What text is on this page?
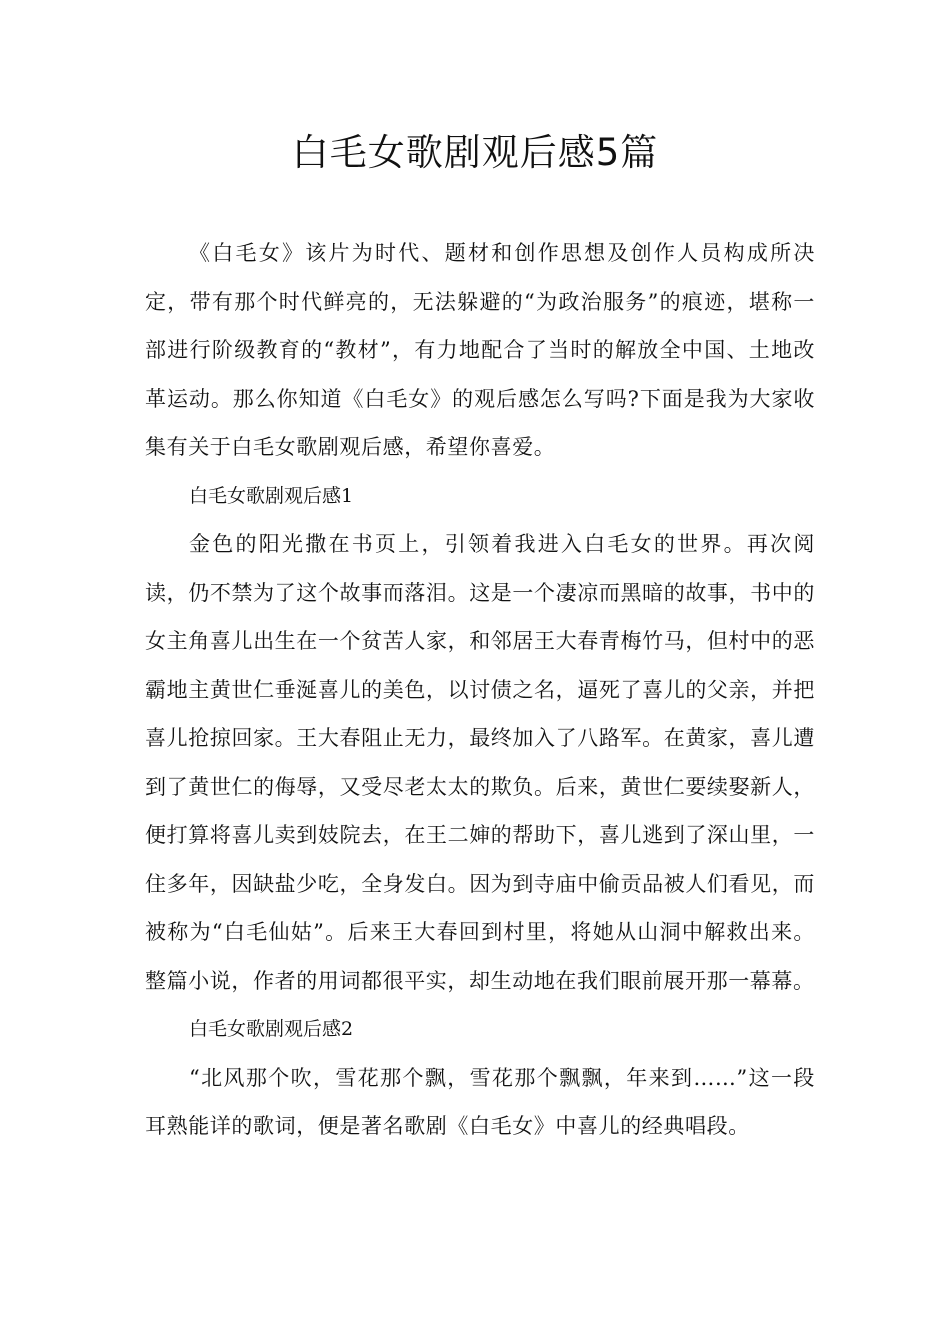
白毛女歌剧观后感5篇

《白毛女》该片为时代、题材和创作思想及创作人员构成所决定，带有那个时代鲜亮的，无法躲避的“为政治服务”的痕迹，堪称一部进行阶级教育的“教材”，有力地配合了当时的解放全中国、土地改革运动。那么你知道《白毛女》的观后感怎么写吗?下面是我为大家收集有关于白毛女歌剧观后感，希望你喜爱。

白毛女歌剧观后感1

金色的阳光撒在书页上，引领着我进入白毛女的世界。再次阅读，仍不禁为了这个故事而落泪。这是一个凄凉而黑暗的故事，书中的女主角喜儿出生在一个贫苦人家，和邻居王大春青梅竹马，但村中的恶霸地主黄世仁垂涎喜儿的美色，以讨债之名，逼死了喜儿的父亲，并把喜儿抢掠回家。王大春阻止无力，最终加入了八路军。在黄家，喜儿遭到了黄世仁的侮辱，又受尽老太太的欺负。后来，黄世仁要续娶新人，便打算将喜儿卖到妓院去，在王二婶的帮助下，喜儿逃到了深山里，一住多年，因缺盐少吃，全身发白。因为到寺庙中偷贡品被人们看见，而被称为“白毛仙姑”。后来王大春回到村里，将她从山洞中解救出来。整篇小说，作者的用词都很平实，却生动地在我们眼前展开那一幕幕。

白毛女歌剧观后感2

“北风那个吹，雪花那个飘，雪花那个飘飘，年来到……”这一段耳熟能详的歌词，便是著名歌剧《白毛女》中喜儿的经典唱段。
